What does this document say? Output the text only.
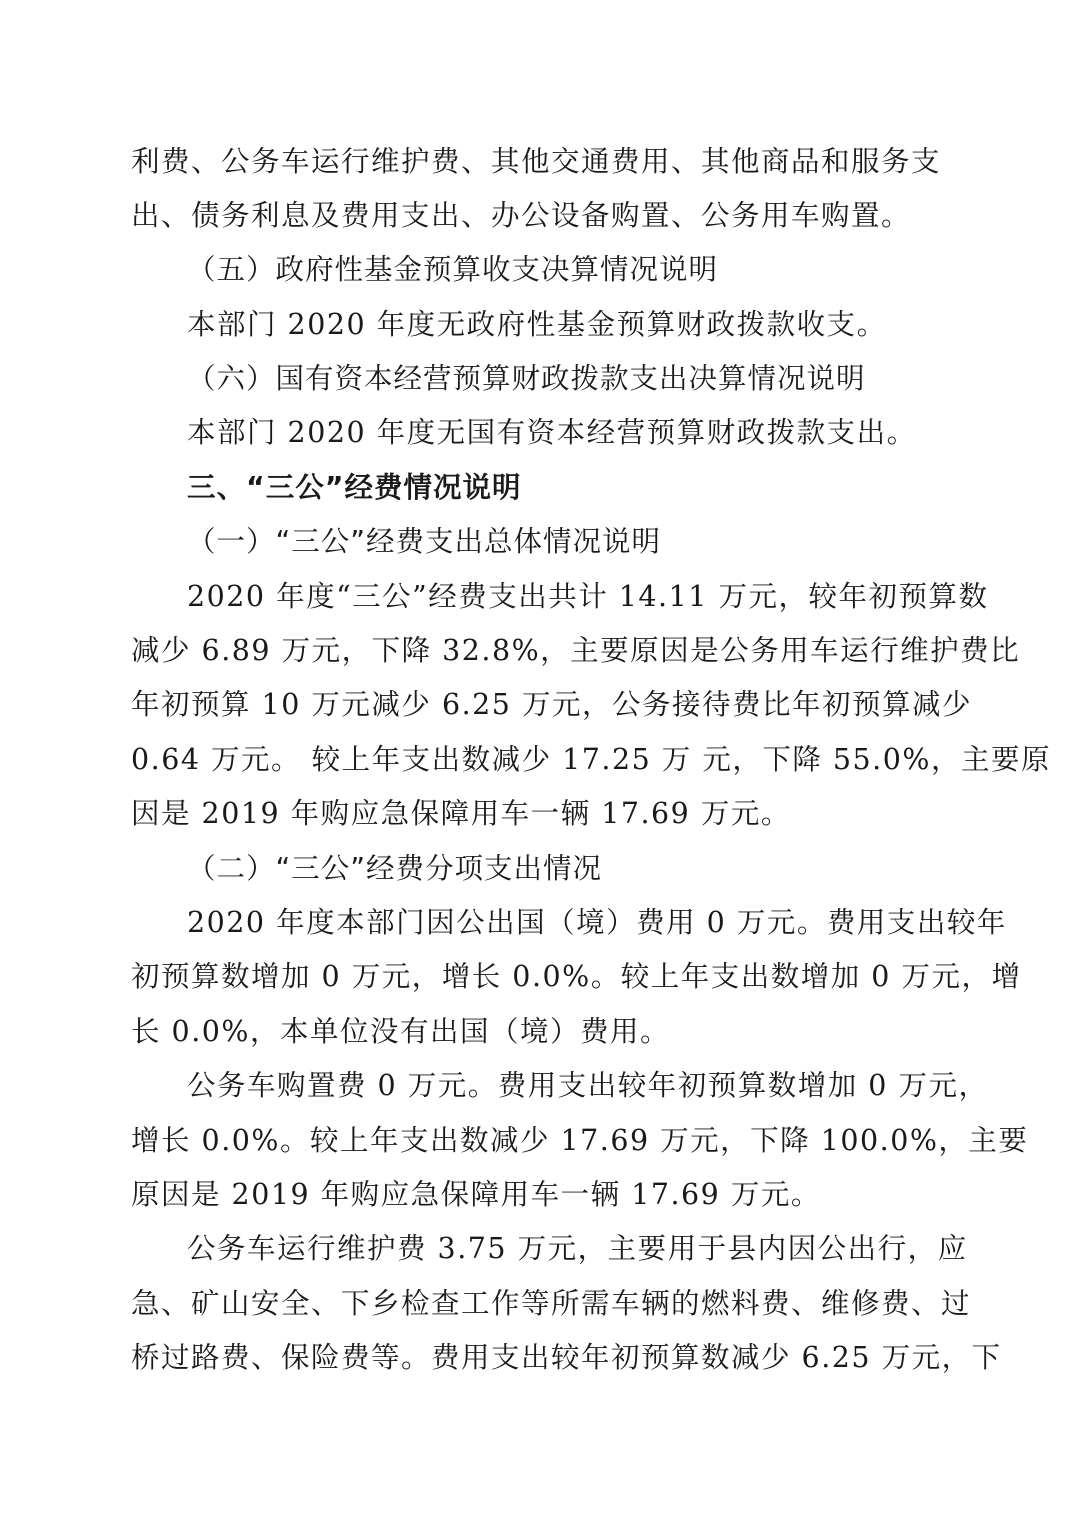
利费、公务车运行维护费、其他交通费用、其他商品和服务支
出、债务利息及费用支出、办公设备购置、公务用车购置。
（五）政府性基金预算收支决算情况说明
本部门 2020 年度无政府性基金预算财政拨款收支。
（六）国有资本经营预算财政拨款支出决算情况说明
本部门 2020 年度无国有资本经营预算财政拨款支出。
三、“三公”经费情况说明
（一）“三公”经费支出总体情况说明
2020 年度“三公”经费支出共计 14.11 万元，较年初预算数
减少 6.89 万元，下降 32.8%，主要原因是公务用车运行维护费比
年初预算 10 万元减少 6.25 万元，公务接待费比年初预算减少
0.64 万元。 较上年支出数减少 17.25 万 元，下降 55.0%，主要原
因是 2019 年购应急保障用车一辆 17.69 万元。
（二）“三公”经费分项支出情况
2020 年度本部门因公出国（境）费用 0 万元。费用支出较年
初预算数增加 0 万元，增长 0.0%。较上年支出数增加 0 万元，增
长 0.0%，本单位没有出国（境）费用。
公务车购置费 0 万元。费用支出较年初预算数增加 0 万元，
增长 0.0%。较上年支出数减少 17.69 万元，下降 100.0%，主要
原因是 2019 年购应急保障用车一辆 17.69 万元。
公务车运行维护费 3.75 万元，主要用于县内因公出行，应
急、矿山安全、下乡检查工作等所需车辆的燃料费、维修费、过
桥过路费、保险费等。费用支出较年初预算数减少 6.25 万元，下
